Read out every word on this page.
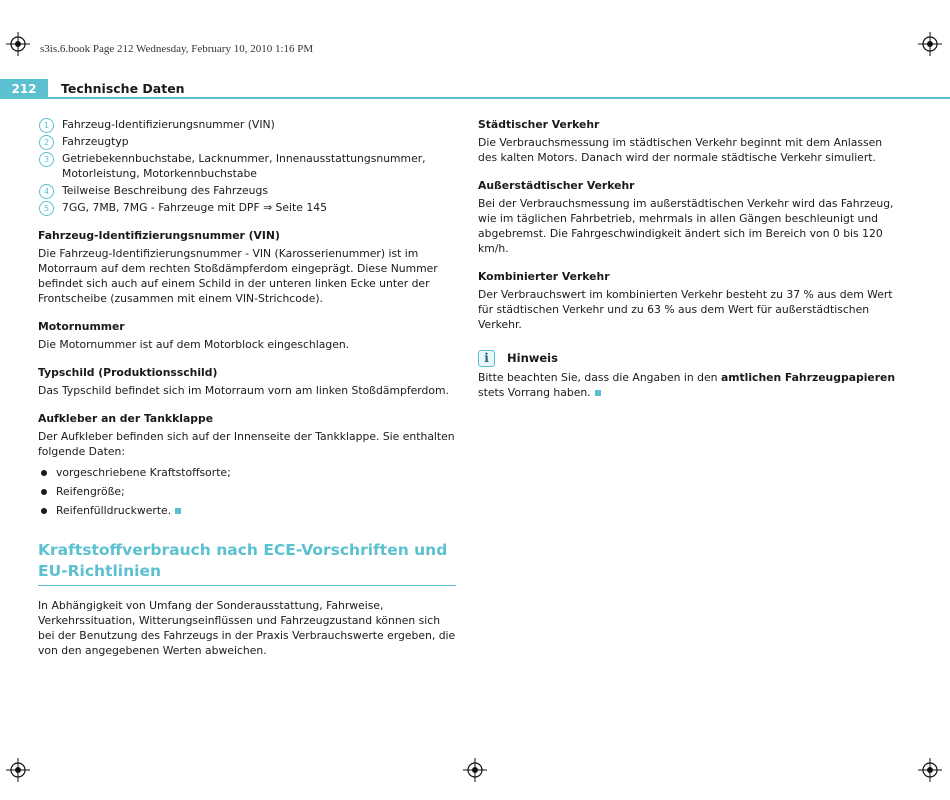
s3is.6.book Page 212 Wednesday, February 10, 2010 1:16 PM
212	Technische Daten
1	Fahrzeug-Identifizierungsnummer (VIN)
2	Fahrzeugtyp
3	Getriebekennbuchstabe, Lacknummer, Innenausstattungsnummer, Motorleistung, Motorkennbuchstabe
4	Teilweise Beschreibung des Fahrzeugs
5	7GG, 7MB, 7MG - Fahrzeuge mit DPF ⇒ Seite 145
Fahrzeug-Identifizierungsnummer (VIN)

Die Fahrzeug-Identifizierungsnummer - VIN (Karosserienummer) ist im Motorraum auf dem rechten Stoßdämpferdom eingeprägt. Diese Nummer befindet sich auch auf einem Schild in der unteren linken Ecke unter der Frontscheibe (zusammen mit einem VIN-Strichcode).

Motornummer

Die Motornummer ist auf dem Motorblock eingeschlagen.

Typschild (Produktionsschild)

Das Typschild befindet sich im Motorraum vorn am linken Stoßdämpferdom.

Aufkleber an der Tankklappe

Der Aufkleber befinden sich auf der Innenseite der Tankklappe. Sie enthalten folgende Daten:

vorgeschriebene Kraftstoffsorte;
Reifengröße;
Reifenfülldruckwerte.
Kraftstoffverbrauch nach ECE-Vorschriften und EU-Richtlinien

In Abhängigkeit von Umfang der Sonderausstattung, Fahrweise, Verkehrssituation, Witterungseinflüssen und Fahrzeugzustand können sich bei der Benutzung des Fahrzeugs in der Praxis Verbrauchswerte ergeben, die von den angegebenen Werten abweichen.

Städtischer Verkehr

Die Verbrauchsmessung im städtischen Verkehr beginnt mit dem Anlassen des kalten Motors. Danach wird der normale städtische Verkehr simuliert.

Außerstädtischer Verkehr

Bei der Verbrauchsmessung im außerstädtischen Verkehr wird das Fahrzeug, wie im täglichen Fahrbetrieb, mehrmals in allen Gängen beschleunigt und abgebremst. Die Fahrgeschwindigkeit ändert sich im Bereich von 0 bis 120 km/h.

Kombinierter Verkehr

Der Verbrauchswert im kombinierten Verkehr besteht zu 37 % aus dem Wert für städtischen Verkehr und zu 63 % aus dem Wert für außerstädtischen Verkehr.

i	Hinweis

Bitte beachten Sie, dass die Angaben in den amtlichen Fahrzeugpapieren stets Vorrang haben.
